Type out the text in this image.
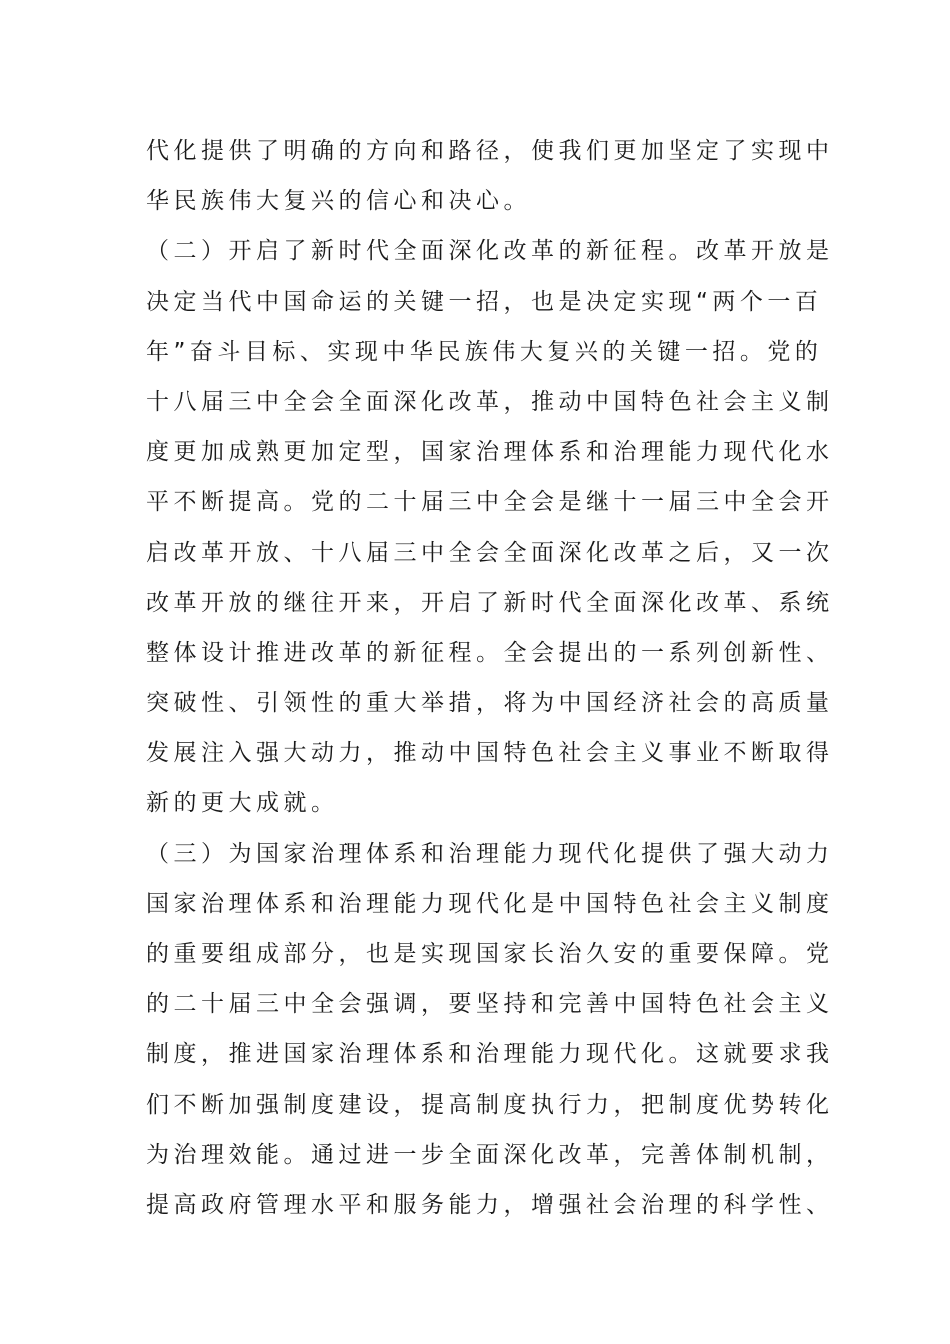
代化提供了明确的方向和路径，使我们更加坚定了实现中
华民族伟大复兴的信心和决心。
（二）开启了新时代全面深化改革的新征程。改革开放是
决定当代中国命运的关键一招，也是决定实现“两个一百
年”奋斗目标、实现中华民族伟大复兴的关键一招。党的
十八届三中全会全面深化改革，推动中国特色社会主义制
度更加成熟更加定型，国家治理体系和治理能力现代化水
平不断提高。党的二十届三中全会是继十一届三中全会开
启改革开放、十八届三中全会全面深化改革之后，又一次
改革开放的继往开来，开启了新时代全面深化改革、系统
整体设计推进改革的新征程。全会提出的一系列创新性、
突破性、引领性的重大举措，将为中国经济社会的高质量
发展注入强大动力，推动中国特色社会主义事业不断取得
新的更大成就。
（三）为国家治理体系和治理能力现代化提供了强大动力
国家治理体系和治理能力现代化是中国特色社会主义制度
的重要组成部分，也是实现国家长治久安的重要保障。党
的二十届三中全会强调，要坚持和完善中国特色社会主义
制度，推进国家治理体系和治理能力现代化。这就要求我
们不断加强制度建设，提高制度执行力，把制度优势转化
为治理效能。通过进一步全面深化改革，完善体制机制，
提高政府管理水平和服务能力，增强社会治理的科学性、
